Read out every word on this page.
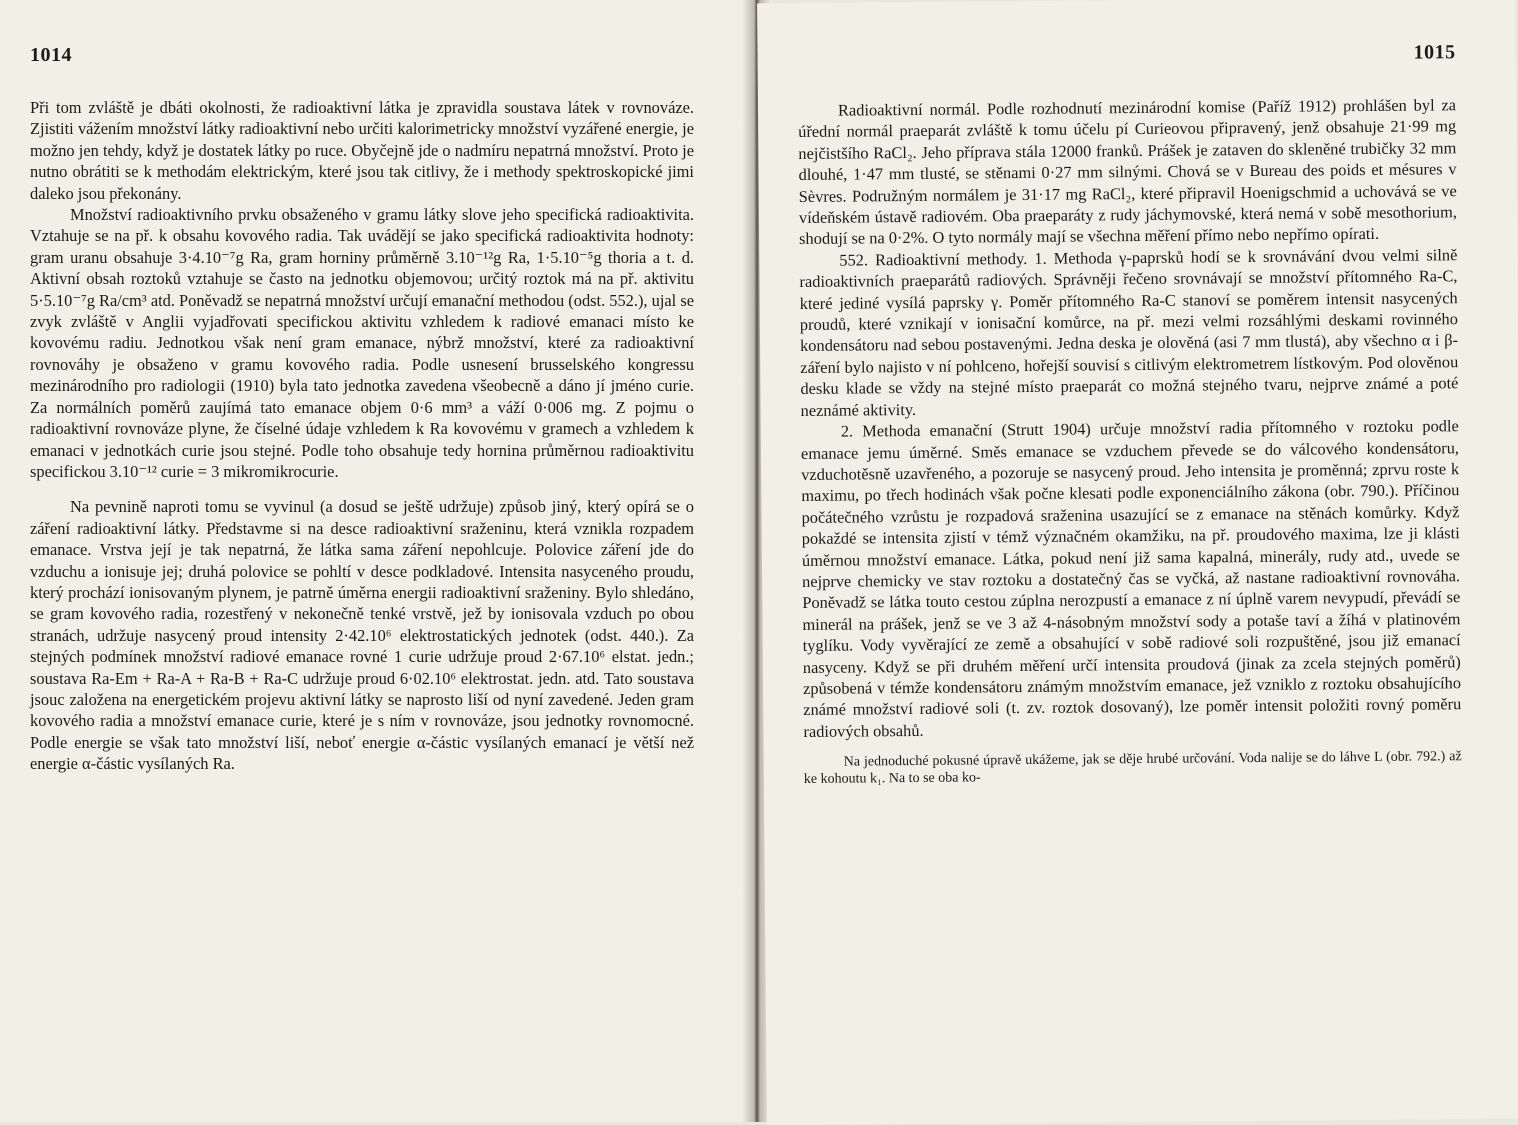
1014

Při tom zvláště je dbáti okolnosti, že radioaktivní látka je zpravidla soustava látek v rovnováze. Zjistiti vážením množství látky radioaktivní nebo určiti kalorimetricky množství vyzářené energie, je možno jen tehdy, když je dostatek látky po ruce. Obyčejně jde o nadmíru nepatrná množství. Proto je nutno obrátiti se k methodám elektrickým, které jsou tak citlivy, že i methody spektroskopické jimi daleko jsou překonány.

Množství radioaktivního prvku obsaženého v gramu látky slove jeho specifická radioaktivita. Vztahuje se na př. k obsahu kovového radia. Tak uvádějí se jako specifická radioaktivita hodnoty: gram uranu obsahuje 3·4.10⁻⁷g Ra, gram horniny průměrně 3.10⁻¹²g Ra, 1·5.10⁻⁵g thoria a t. d. Aktivní obsah roztoků vztahuje se často na jednotku objemovou; určitý roztok má na př. aktivitu 5·5.10⁻⁷g Ra/cm³ atd. Poněvadž se nepatrná množství určují emanační methodou (odst. 552.), ujal se zvyk zvláště v Anglii vyjadřovati specifickou aktivitu vzhledem k radiové emanaci místo ke kovovému radiu. Jednotkou však není gram emanace, nýbrž množství, které za radioaktivní rovnováhy je obsaženo v gramu kovového radia. Podle usnesení brusselského kongressu mezinárodního pro radiologii (1910) byla tato jednotka zavedena všeobecně a dáno jí jméno curie. Za normálních poměrů zaujímá tato emanace objem 0·6 mm³ a váží 0·006 mg. Z pojmu o radioaktivní rovnováze plyne, že číselné údaje vzhledem k Ra kovovému v gramech a vzhledem k emanaci v jednotkách curie jsou stejné. Podle toho obsahuje tedy hornina průměrnou radioaktivitu specifickou 3.10⁻¹² curie = 3 mikromikrocurie.

Na pevnině naproti tomu se vyvinul (a dosud se ještě udržuje) způsob jiný, který opírá se o záření radioaktivní látky. Představme si na desce radioaktivní sraženinu, která vznikla rozpadem emanace. Vrstva její je tak nepatrná, že látka sama záření nepohlcuje. Polovice záření jde do vzduchu a ionisuje jej; druhá polovice se pohltí v desce podkladové. Intensita nasyceného proudu, který prochází ionisovaným plynem, je patrně úměrna energii radioaktivní sraženiny. Bylo shledáno, se gram kovového radia, rozestřený v nekonečně tenké vrstvě, jež by ionisovala vzduch po obou stranách, udržuje nasycený proud intensity 2·42.10⁶ elektrostatických jednotek (odst. 440.). Za stejných podmínek množství radiové emanace rovné 1 curie udržuje proud 2·67.10⁶ elstat. jedn.; soustava Ra-Em + Ra-A + Ra-B + Ra-C udržuje proud 6·02.10⁶ elektrostat. jedn. atd. Tato soustava jsouc založena na energetickém projevu aktivní látky se naprosto liší od nyní zavedené. Jeden gram kovového radia a množství emanace curie, které je s ním v rovnováze, jsou jednotky rovnomocné. Podle energie se však tato množství liší, neboť energie α-částic vysílaných emanací je větší než energie α-částic vysílaných Ra.

1015

Radioaktivní normál. Podle rozhodnutí mezinárodní komise (Paříž 1912) prohlášen byl za úřední normál praeparát zvláště k tomu účelu pí Curieovou připravený, jenž obsahuje 21·99 mg nejčistšího RaCl₂. Jeho příprava stála 12000 franků. Prášek je zataven do skleněné trubičky 32 mm dlouhé, 1·47 mm tlusté, se stěnami 0·27 mm silnými. Chová se v Bureau des poids et mésures v Sèvres. Podružným normálem je 31·17 mg RaCl₂, které připravil Hoenigschmid a uchovává se ve vídeňském ústavě radiovém. Oba praeparáty z rudy jáchymovské, která nemá v sobě mesothorium, shodují se na 0·2%. O tyto normály mají se všechna měření přímo nebo nepřímo opírati.

552. Radioaktivní methody. 1. Methoda γ-paprsků hodí se k srovnávání dvou velmi silně radioaktivních praeparátů radiových. Správněji řečeno srovnávají se množství přítomného Ra-C, které jediné vysílá paprsky γ. Poměr přítomného Ra-C stanoví se poměrem intensit nasycených proudů, které vznikají v ionisační komůrce, na př. mezi velmi rozsáhlými deskami rovinného kondensátoru nad sebou postavenými. Jedna deska je olověná (asi 7 mm tlustá), aby všechno α i β-záření bylo najisto v ní pohlceno, hořejší souvisí s citlivým elektrometrem lístkovým. Pod olověnou desku klade se vždy na stejné místo praeparát co možná stejného tvaru, nejprve známé a poté neznámé aktivity.

2. Methoda emanační (Strutt 1904) určuje množství radia přítomného v roztoku podle emanace jemu úměrné. Směs emanace se vzduchem převede se do válcového kondensátoru, vzduchotěsně uzavřeného, a pozoruje se nasycený proud. Jeho intensita je proměnná; zprvu roste k maximu, po třech hodinách však počne klesati podle exponenciálního zákona (obr. 790.). Příčinou počátečného vzrůstu je rozpadová sraženina usazující se z emanace na stěnách komůrky. Když pokaždé se intensita zjistí v témž význačném okamžiku, na př. proudového maxima, lze ji klásti úměrnou množství emanace. Látka, pokud není již sama kapalná, minerály, rudy atd., uvede se nejprve chemicky ve stav roztoku a dostatečný čas se vyčká, až nastane radioaktivní rovnováha. Poněvadž se látka touto cestou zúplna nerozpustí a emanace z ní úplně varem nevypudí, převádí se minerál na prášek, jenž se ve 3 až 4-násobným množství sody a potaše taví a žíhá v platinovém tyglíku. Vody vyvěrající ze země a obsahující v sobě radiové soli rozpuštěné, jsou již emanací nasyceny. Když se při druhém měření určí intensita proudová (jinak za zcela stejných poměrů) způsobená v témže kondensátoru známým množstvím emanace, jež vzniklo z roztoku obsahujícího známé množství radiové soli (t. zv. roztok dosovaný), lze poměr intensit položiti rovný poměru radiových obsahů.

Na jednoduché pokusné úpravě ukážeme, jak se děje hrubé určování. Voda nalije se do láhve L (obr. 792.) až ke kohoutu k₁. Na to se oba ko-
